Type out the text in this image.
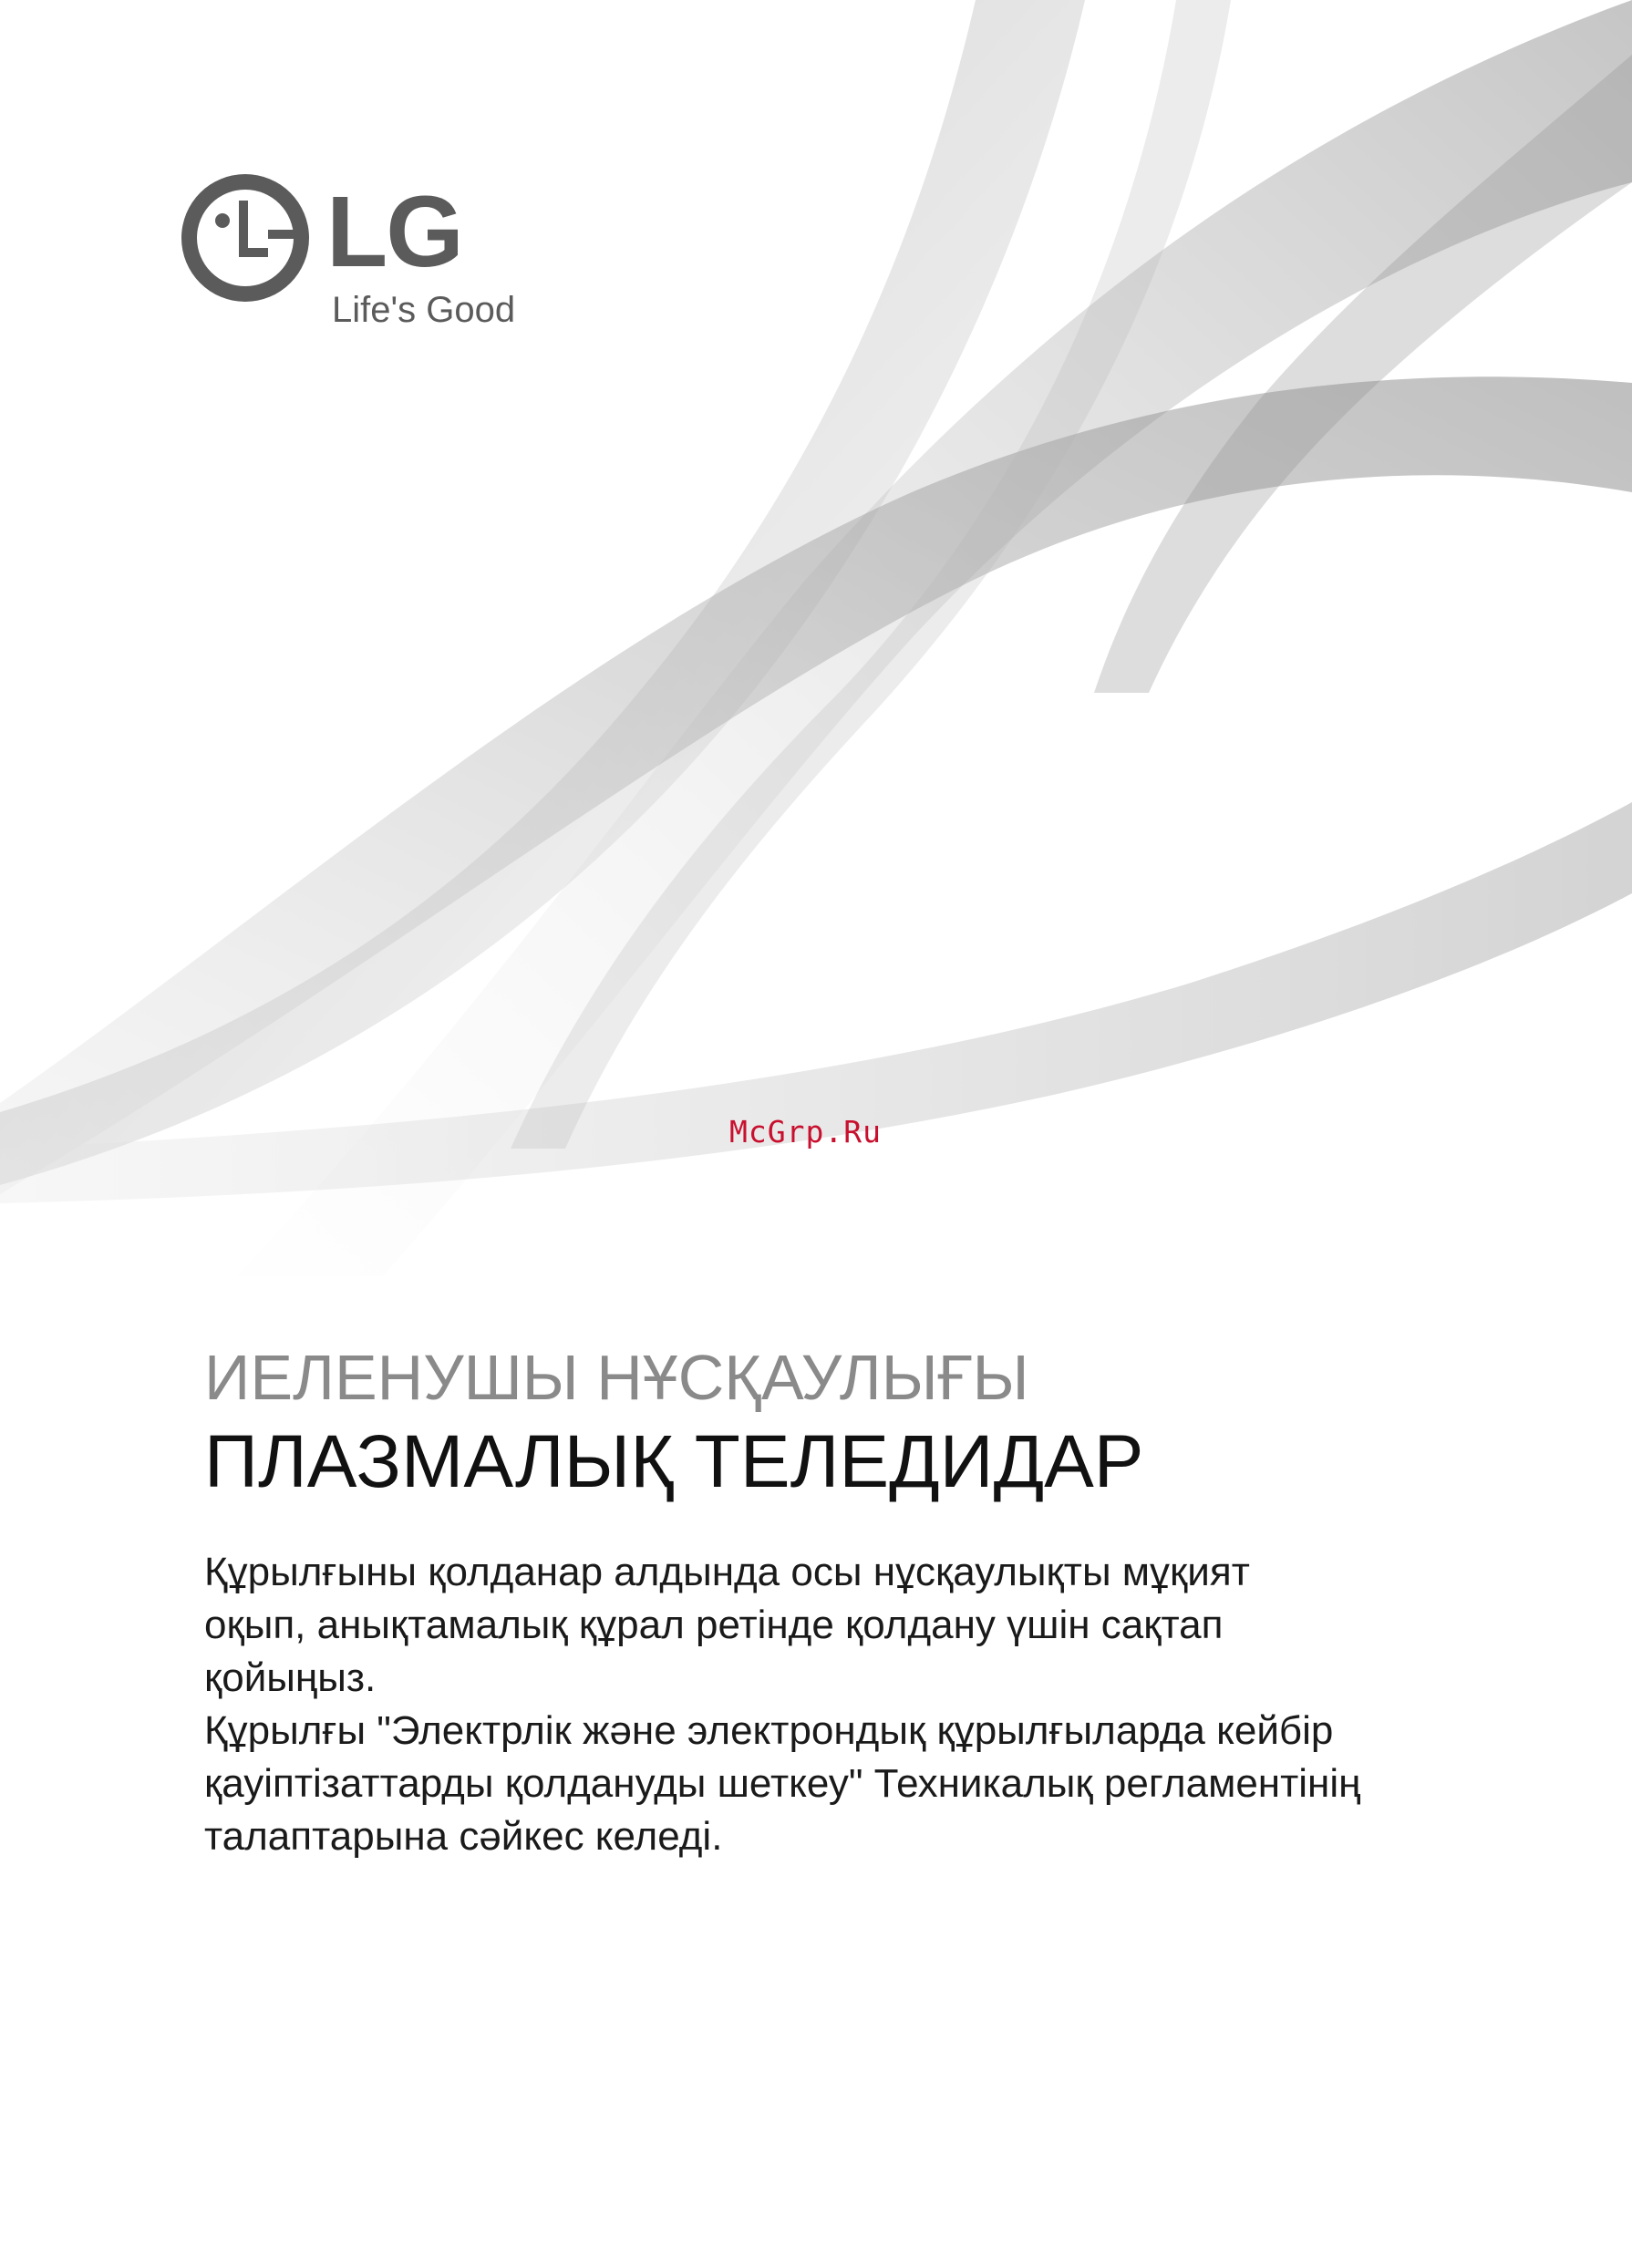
LG
Life's Good
McGrp.Ru
ИЕЛЕНУШЫ НҰСҚАУЛЫҒЫ
ПЛАЗМАЛЫҚ ТЕЛЕДИДАР

Құрылғыны қолданар алдында осы нұсқаулықты мұқият

оқып, анықтамалық құрал ретінде қолдану үшін сақтап

қойыңыз.

Құрылғы "Электрлік және электрондық құрылғыларда кейбір

қауіптізаттарды қолдануды шеткеу" Техникалық регламентінің

талаптарына сәйкес келеді.
